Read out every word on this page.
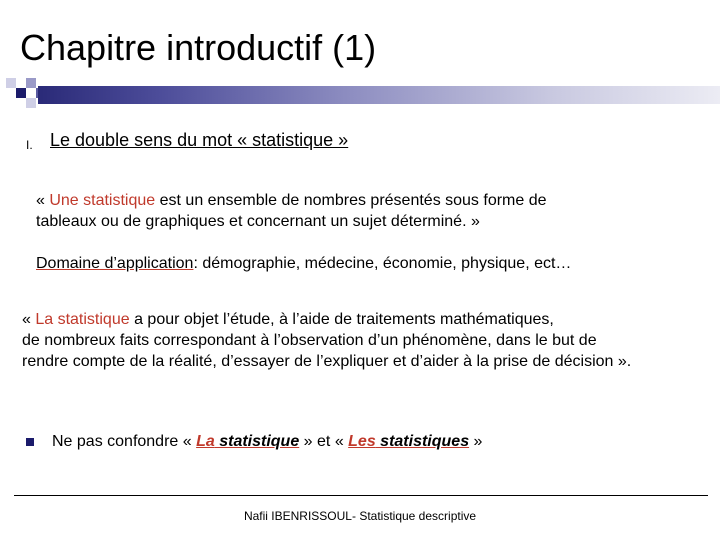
Chapitre introductif (1)
I. Le double sens du mot « statistique »
« Une statistique est un ensemble de nombres présentés sous forme de
tableaux ou de graphiques et concernant un sujet déterminé. »
Domaine d’application: démographie, médecine, économie, physique, ect…
« La statistique a pour objet l’étude, à l’aide de traitements mathématiques,
de nombreux faits correspondant à l’observation d’un phénomène, dans le but de
rendre compte de la réalité, d’essayer de l’expliquer et d’aider à la prise de décision ».
Ne pas confondre « La statistique » et « Les statistiques »
Nafii IBENRISSOUL- Statistique descriptive
